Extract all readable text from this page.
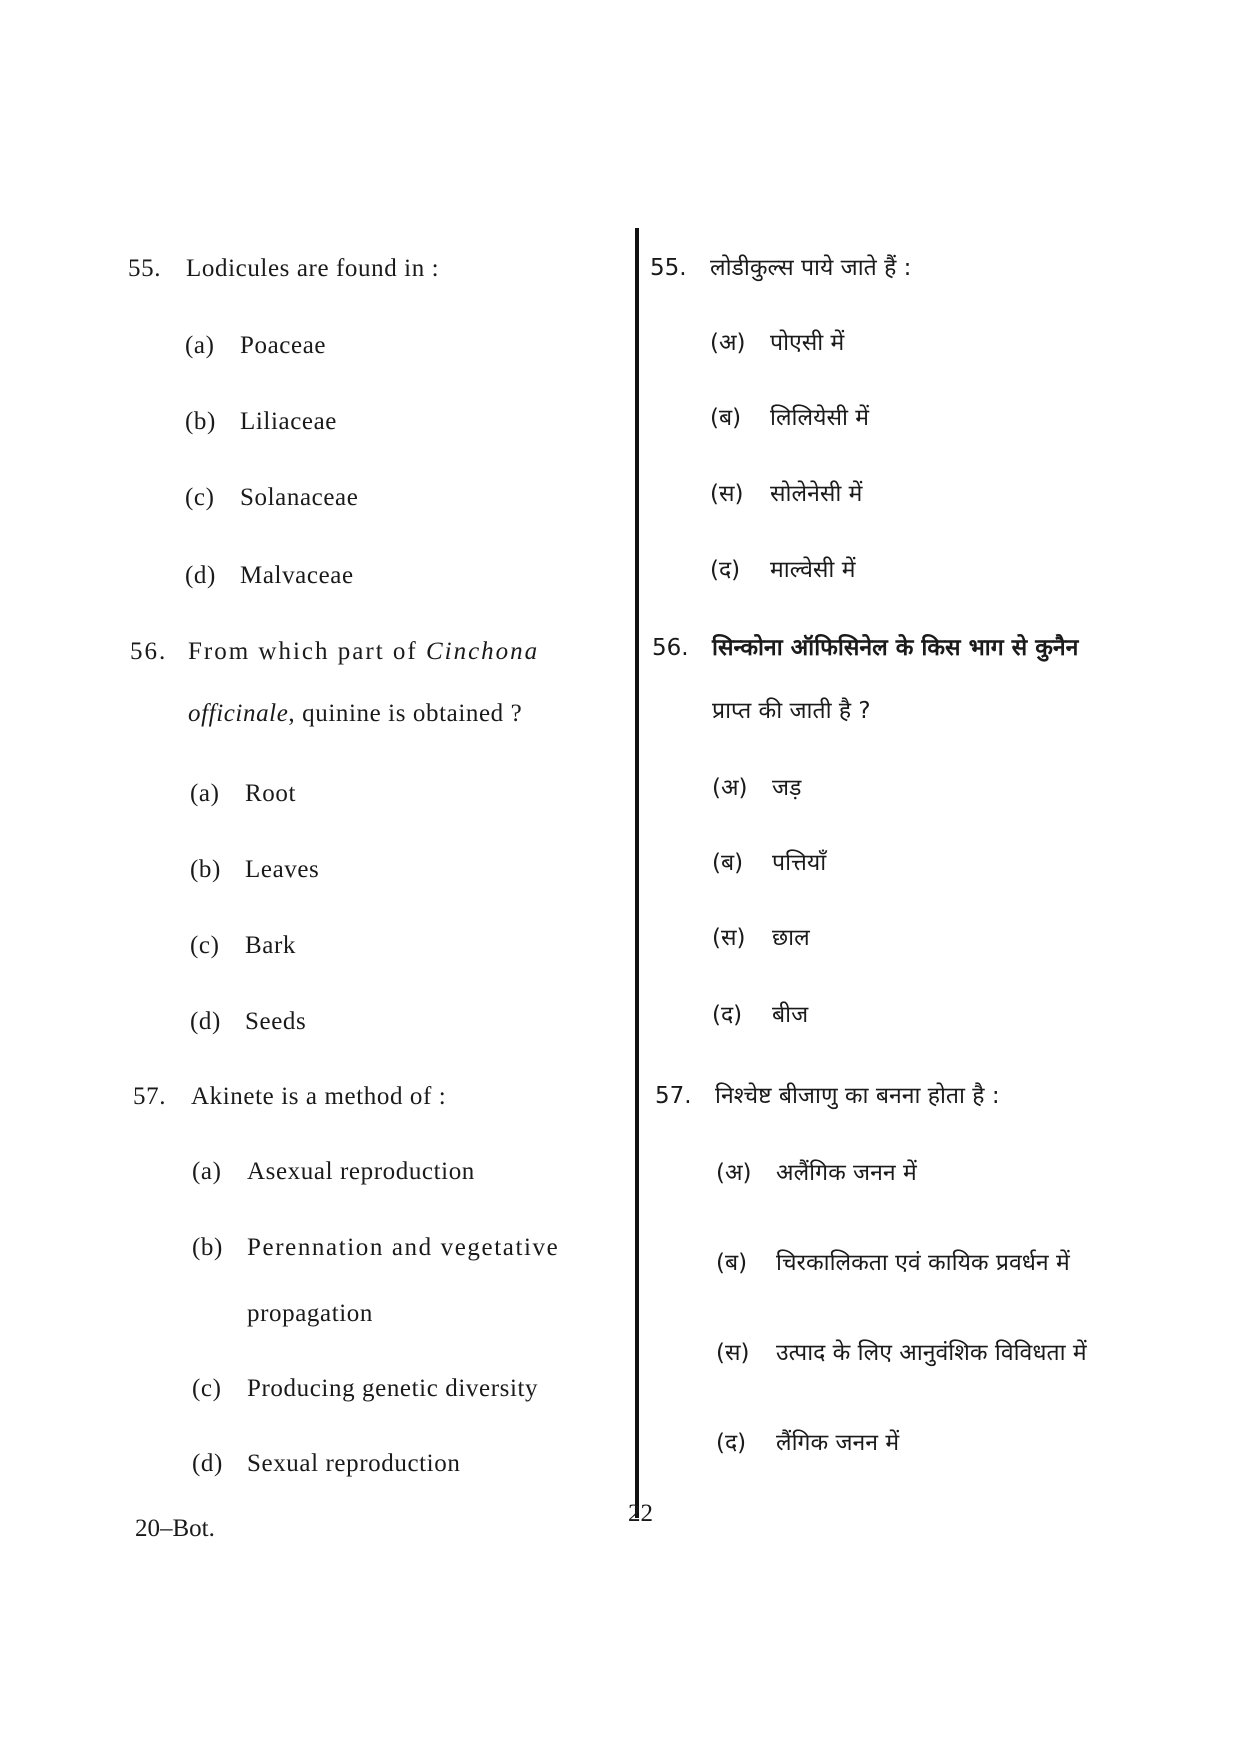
55. Lodicules are found in :
(a) Poaceae
(b) Liliaceae
(c) Solanaceae
(d) Malvaceae
56. From which part of Cinchona
officinale, quinine is obtained ?
(a) Root
(b) Leaves
(c) Bark
(d) Seeds
57. Akinete is a method of :
(a) Asexual reproduction
(b) Perennation and vegetative
propagation
(c) Producing genetic diversity
(d) Sexual reproduction
55. लोडीकुल्स पाये जाते हैं :
(अ) पोएसी में
(ब) लिलियेसी में
(स) सोलेनेसी में
(द) माल्वेसी में
56. सिन्कोना ऑफिसिनेल के किस भाग से कुनैन
प्राप्त की जाती है ?
(अ) जड़
(ब) पत्तियाँ
(स) छाल
(द) बीज
57. निश्चेष्ट बीजाणु का बनना होता है :
(अ) अलैंगिक जनन में
(ब) चिरकालिकता एवं कायिक प्रवर्धन में
(स) उत्पाद के लिए आनुवंशिक विविधता में
(द) लैंगिक जनन में
20–Bot.
22
